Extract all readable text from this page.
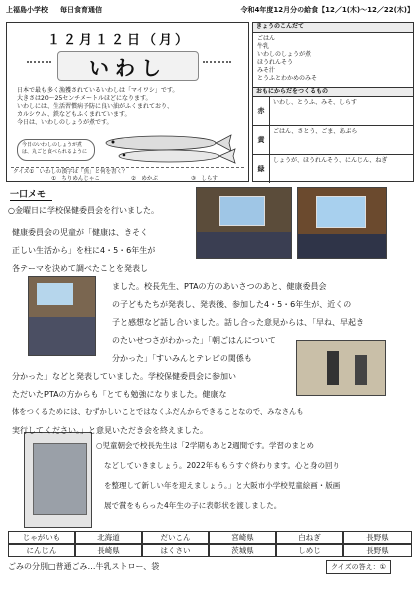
上福島小学校 毎日食育通信	令和4年度12月分の給食【12／1(木)～12／22(木)】
１２月１２日（月）
いわし

日本で最も多く漁獲されているいわしは「マイワシ」です。

大きさは20～25センチメートルほどになります。

いわしには、生活習慣病予防に良い油がふくまれており、

カルシウム、鉄などもふくまれています。

今日は、いわしのしょうが煮です。

今日のいわしのしょうが煮は、丸ごと食べられるように
クイズ①　いわしの漢字は「魚」と何を書く？
①　ちりめんじゃこ	②　めかぶ	③　しらす
きょうのこんだて

ごはん

牛乳

いわしのしょうが煮

ほうれんそう

みそ汁

とうふとわかめのみそ

おもにからだをつくるもの
赤
いわし、とうふ、みそ、しらす
黄
ごはん、さとう、ごま、あぶら
緑
しょうが、ほうれんそう、にんじん、ねぎ
一口メモ

○金曜日に学校保健委員会を行いました。

健康委員会の児童が「健康は、きそく

正しい生活から」を柱に4・5・6年生が

各テーマを決めて調べたことを発表し

ました。校長先生、PTAの方のあいさつのあと、健康委員会

の子どもたちが発表し、発表後、参加した4・5・6年生が、近くの

子と感想など話し合いました。話し合った意見からは、「早ね、早起き

のたいせつさがわかった」「朝ごはんについて

分かった」「すいみんとテレビの関係も

分かった」などと発表していました。学校保健委員会に参加い

ただいたPTAの方からも「とても勉強になりました。健康な

体をつくるためには、むずかしいことではなくふだんからできることなので、みなさんも

実行してください。」と意見いただき会を終えました。

○児童朝会で校長先生は「2学期もあと2週間です。学習のまとめ

などしていきましょう。2022年ももうすぐ終わります。心と身の回り

を整理して新しい年を迎えましょう。」と大阪市小学校児童絵画・版画

展で賞をもらった4年生の子に表彰状を渡しました。

じゃがいも	北海道	だいこん	宮崎県	白ねぎ	長野県
にんじん	長崎県	はくさい	茨城県	しめじ	長野県
ごみの分別□普通ごみ…牛乳ストロー、袋	クイズの答え：①
